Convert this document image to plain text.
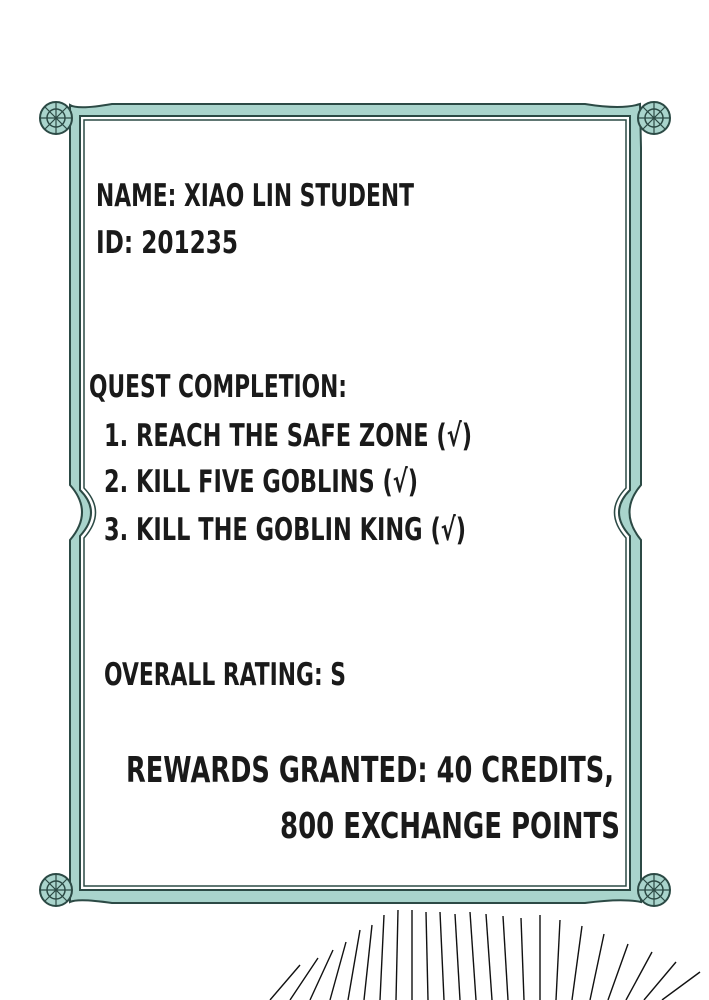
NAME: XIAO LIN STUDENT

ID: 201235

QUEST COMPLETION:

1. REACH THE SAFE ZONE (√)

2. KILL FIVE GOBLINS (√)

3. KILL THE GOBLIN KING (√)

OVERALL RATING: S

REWARDS GRANTED: 40 CREDITS,

800 EXCHANGE POINTS
